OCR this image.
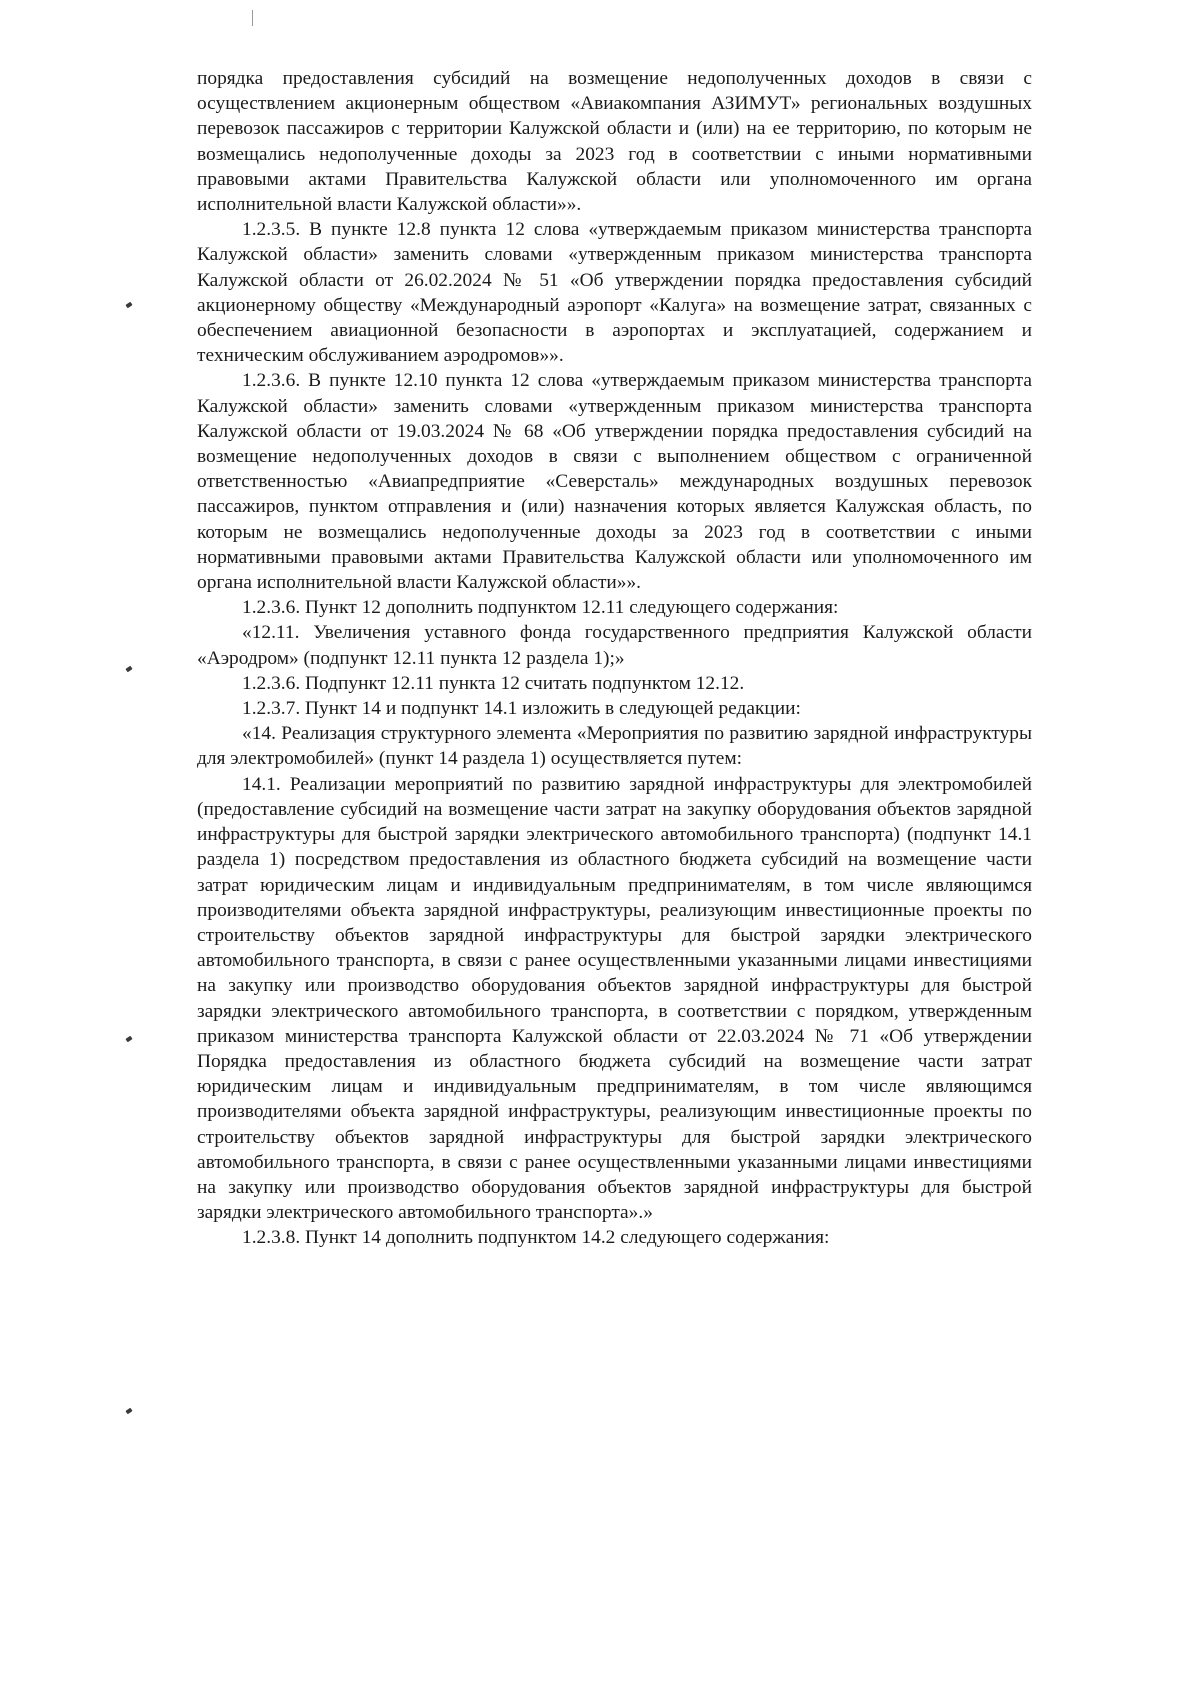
порядка предоставления субсидий на возмещение недополученных доходов в связи с осуществлением акционерным обществом «Авиакомпания АЗИМУТ» региональных воздушных перевозок пассажиров с территории Калужской области и (или) на ее территорию, по которым не возмещались недополученные доходы за 2023 год в соответствии с иными нормативными правовыми актами Правительства Калужской области или уполномоченного им органа исполнительной власти Калужской области»».

1.2.3.5. В пункте 12.8 пункта 12 слова «утверждаемым приказом министерства транспорта Калужской области» заменить словами «утвержденным приказом министерства транспорта Калужской области от 26.02.2024 № 51 «Об утверждении порядка предоставления субсидий акционерному обществу «Международный аэропорт «Калуга» на возмещение затрат, связанных с обеспечением авиационной безопасности в аэропортах и эксплуатацией, содержанием и техническим обслуживанием аэродромов»».

1.2.3.6. В пункте 12.10 пункта 12 слова «утверждаемым приказом министерства транспорта Калужской области» заменить словами «утвержденным приказом министерства транспорта Калужской области от 19.03.2024 № 68 «Об утверждении порядка предоставления субсидий на возмещение недополученных доходов в связи с выполнением обществом с ограниченной ответственностью «Авиапредприятие «Северсталь» международных воздушных перевозок пассажиров, пунктом отправления и (или) назначения которых является Калужская область, по которым не возмещались недополученные доходы за 2023 год в соответствии с иными нормативными правовыми актами Правительства Калужской области или уполномоченного им органа исполнительной власти Калужской области»».

1.2.3.6. Пункт 12 дополнить подпунктом 12.11 следующего содержания:

«12.11. Увеличения уставного фонда государственного предприятия Калужской области «Аэродром» (подпункт 12.11 пункта 12 раздела 1);»

1.2.3.6. Подпункт 12.11 пункта 12 считать подпунктом 12.12.

1.2.3.7. Пункт 14 и подпункт 14.1 изложить в следующей редакции:

«14. Реализация структурного элемента «Мероприятия по развитию зарядной инфраструктуры для электромобилей» (пункт 14 раздела 1) осуществляется путем:

14.1. Реализации мероприятий по развитию зарядной инфраструктуры для электромобилей (предоставление субсидий на возмещение части затрат на закупку оборудования объектов зарядной инфраструктуры для быстрой зарядки электрического автомобильного транспорта) (подпункт 14.1 раздела 1) посредством предоставления из областного бюджета субсидий на возмещение части затрат юридическим лицам и индивидуальным предпринимателям, в том числе являющимся производителями объекта зарядной инфраструктуры, реализующим инвестиционные проекты по строительству объектов зарядной инфраструктуры для быстрой зарядки электрического автомобильного транспорта, в связи с ранее осуществленными указанными лицами инвестициями на закупку или производство оборудования объектов зарядной инфраструктуры для быстрой зарядки электрического автомобильного транспорта, в соответствии с порядком, утвержденным приказом министерства транспорта Калужской области от 22.03.2024 № 71 «Об утверждении Порядка предоставления из областного бюджета субсидий на возмещение части затрат юридическим лицам и индивидуальным предпринимателям, в том числе являющимся производителями объекта зарядной инфраструктуры, реализующим инвестиционные проекты по строительству объектов зарядной инфраструктуры для быстрой зарядки электрического автомобильного транспорта, в связи с ранее осуществленными указанными лицами инвестициями на закупку или производство оборудования объектов зарядной инфраструктуры для быстрой зарядки электрического автомобильного транспорта».»

1.2.3.8. Пункт 14 дополнить подпунктом 14.2 следующего содержания:
